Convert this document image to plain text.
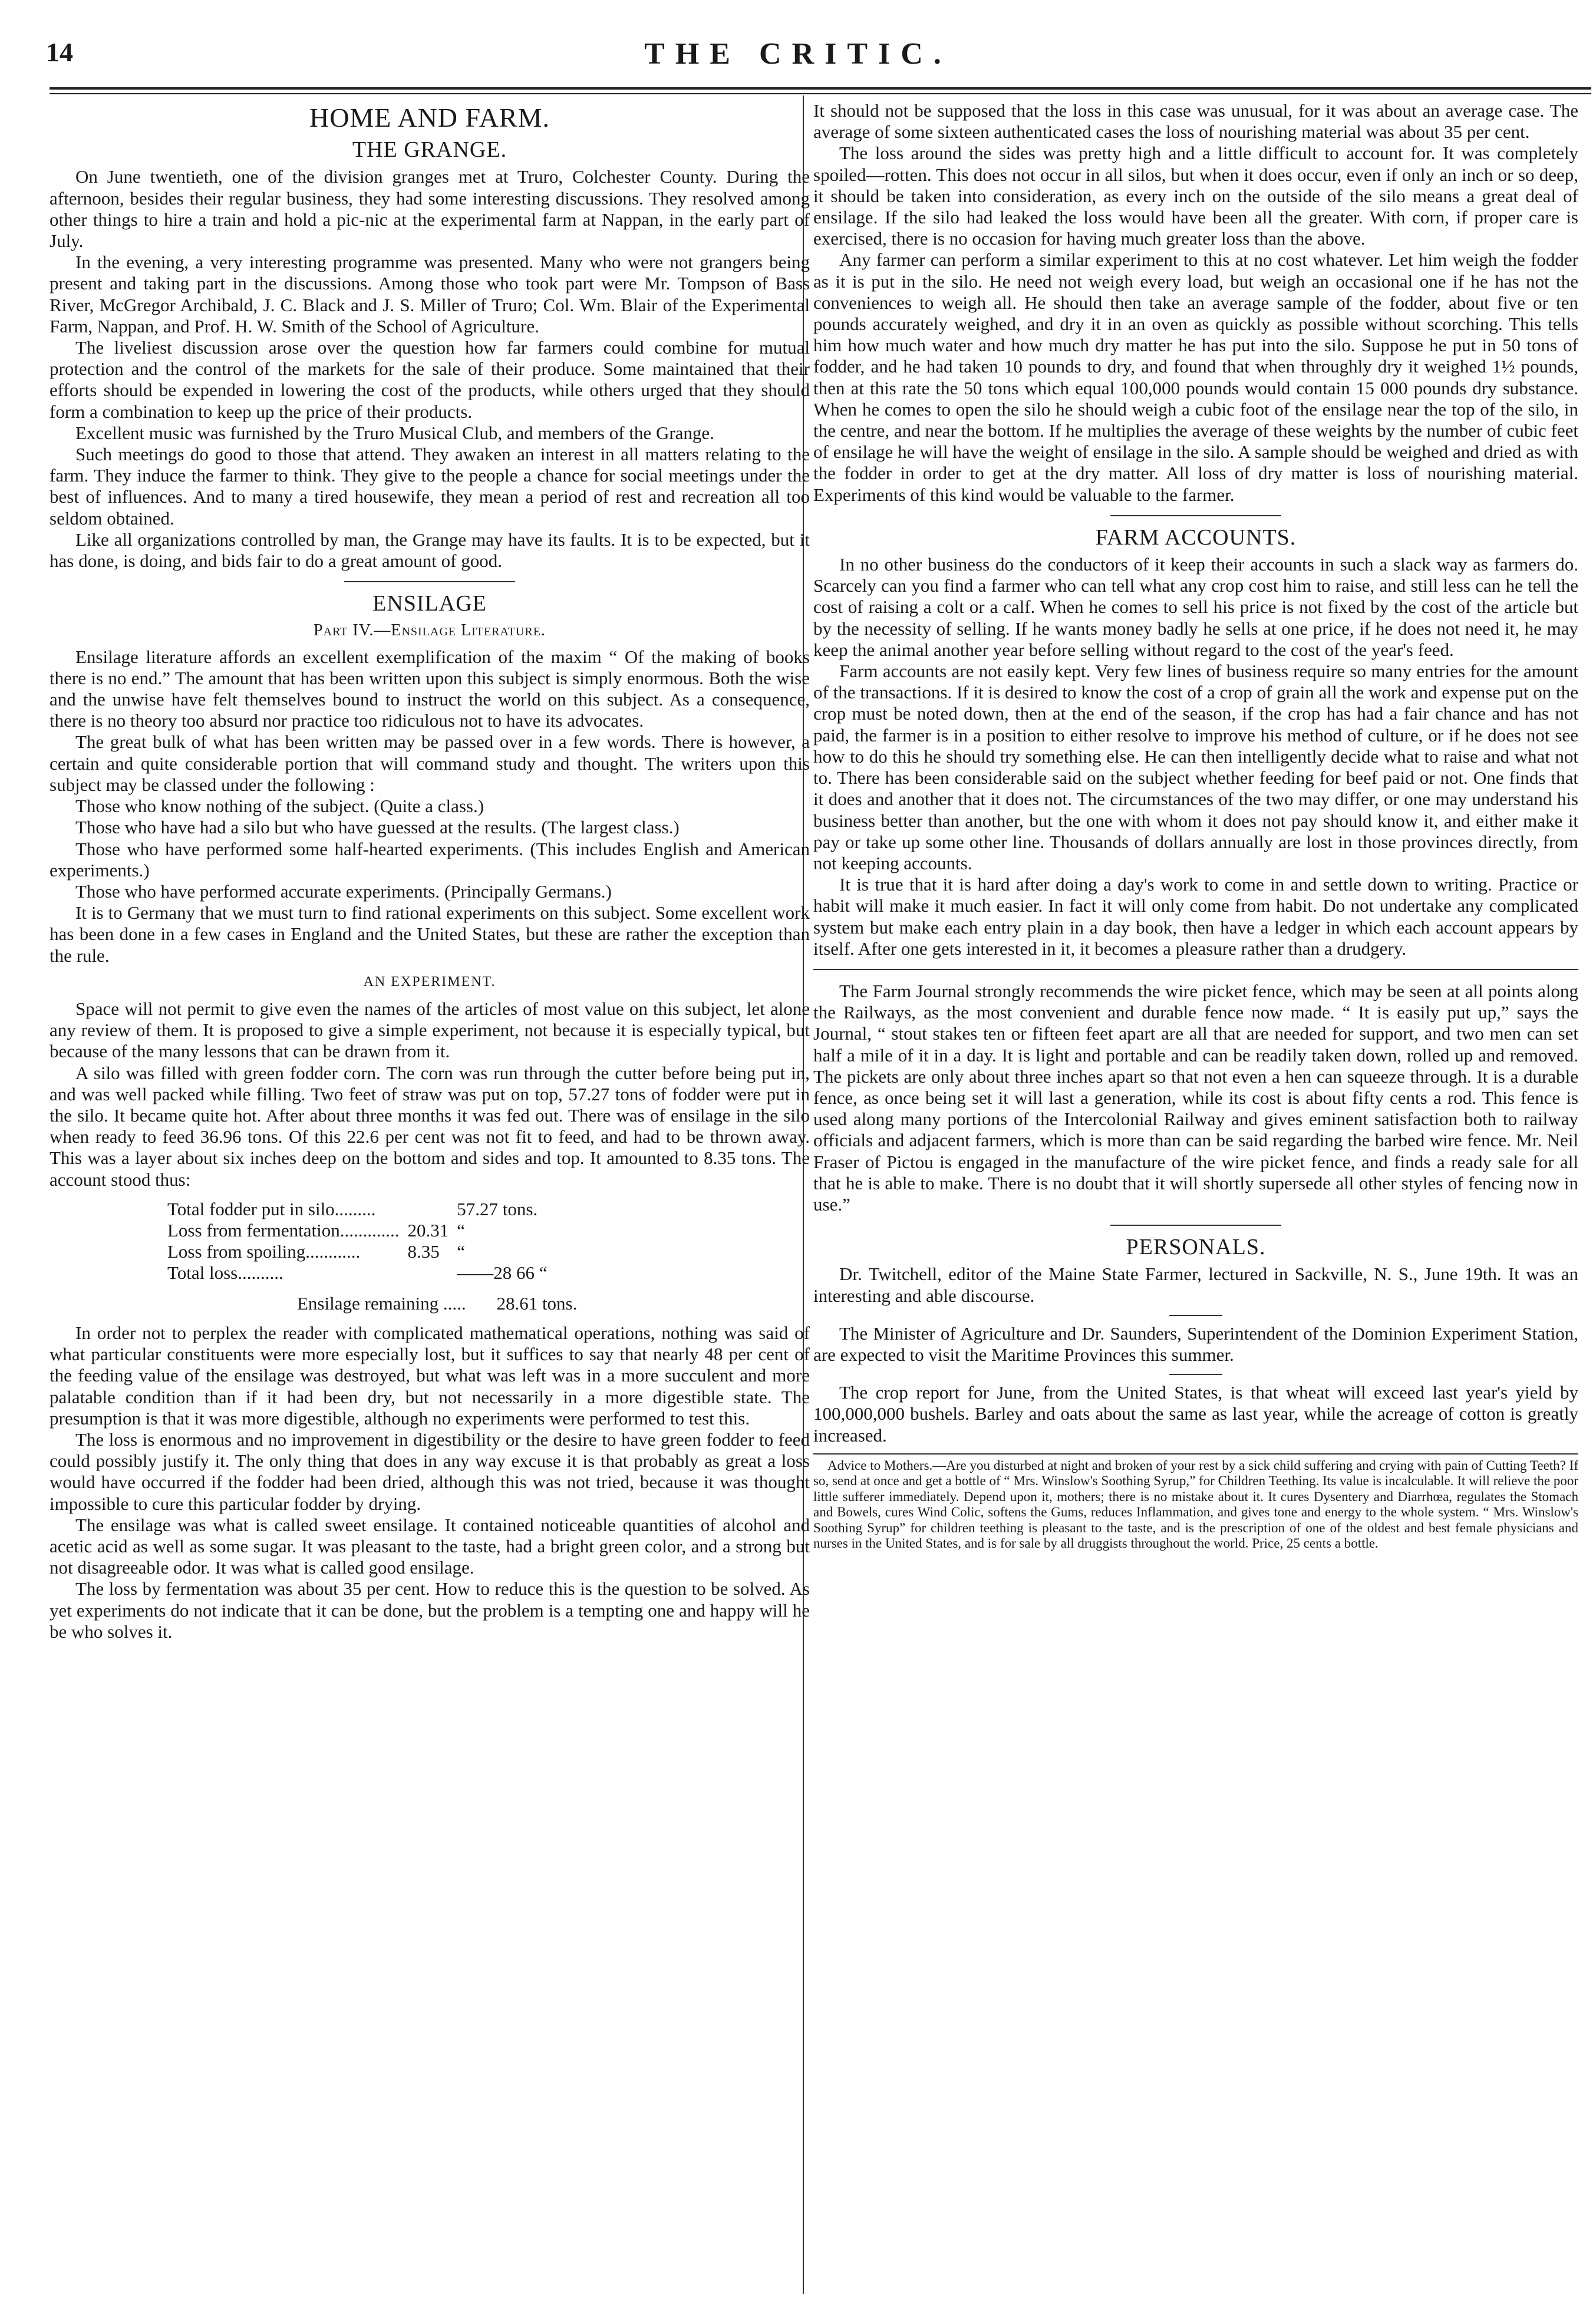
14	THE CRITIC.
HOME AND FARM.
THE GRANGE.

On June twentieth, one of the division granges met at Truro, Colchester County. During the afternoon, besides their regular business, they had some interesting discussions. They resolved among other things to hire a train and hold a pic-nic at the experimental farm at Nappan, in the early part of July.

In the evening, a very interesting programme was presented. Many who were not grangers being present and taking part in the discussions. Among those who took part were Mr. Tompson of Bass River, McGregor Archibald, J. C. Black and J. S. Miller of Truro; Col. Wm. Blair of the Experimental Farm, Nappan, and Prof. H. W. Smith of the School of Agriculture.

The liveliest discussion arose over the question how far farmers could combine for mutual protection and the control of the markets for the sale of their produce. Some maintained that their efforts should be expended in lowering the cost of the products, while others urged that they should form a combination to keep up the price of their products.

Excellent music was furnished by the Truro Musical Club, and members of the Grange.

Such meetings do good to those that attend. They awaken an interest in all matters relating to the farm. They induce the farmer to think. They give to the people a chance for social meetings under the best of influences. And to many a tired housewife, they mean a period of rest and recreation all too seldom obtained.

Like all organizations controlled by man, the Grange may have its faults. It is to be expected, but it has done, is doing, and bids fair to do a great amount of good.

ENSILAGE
Part IV.—Ensilage Literature.

Ensilage literature affords an excellent exemplification of the maxim “ Of the making of books there is no end.” The amount that has been written upon this subject is simply enormous. Both the wise and the unwise have felt themselves bound to instruct the world on this subject. As a consequence, there is no theory too absurd nor practice too ridiculous not to have its advocates.

The great bulk of what has been written may be passed over in a few words. There is however, a certain and quite considerable portion that will command study and thought. The writers upon this subject may be classed under the following :

Those who know nothing of the subject. (Quite a class.)

Those who have had a silo but who have guessed at the results. (The largest class.)

Those who have performed some half-hearted experiments. (This includes English and American experiments.)

Those who have performed accurate experiments. (Principally Germans.)

It is to Germany that we must turn to find rational experiments on this subject. Some excellent work has been done in a few cases in England and the United States, but these are rather the exception than the rule.

AN EXPERIMENT.

Space will not permit to give even the names of the articles of most value on this subject, let alone any review of them. It is proposed to give a simple experiment, not because it is especially typical, but because of the many lessons that can be drawn from it.

A silo was filled with green fodder corn. The corn was run through the cutter before being put in, and was well packed while filling. Two feet of straw was put on top, 57.27 tons of fodder were put in the silo. It became quite hot. After about three months it was fed out. There was of ensilage in the silo when ready to feed 36.96 tons. Of this 22.6 per cent was not fit to feed, and had to be thrown away. This was a layer about six inches deep on the bottom and sides and top. It amounted to 8.35 tons. The account stood thus:

Total fodder put in silo.........		57.27 tons.
Loss from fermentation.............	20.31	“
Loss from spoiling............	8.35	“
Total loss..........		——28 66 “
Ensilage remaining ..... 28.61 tons.

In order not to perplex the reader with complicated mathematical operations, nothing was said of what particular constituents were more especially lost, but it suffices to say that nearly 48 per cent of the feeding value of the ensilage was destroyed, but what was left was in a more succulent and more palatable condition than if it had been dry, but not necessarily in a more digestible state. The presumption is that it was more digestible, although no experiments were performed to test this.

The loss is enormous and no improvement in digestibility or the desire to have green fodder to feed could possibly justify it. The only thing that does in any way excuse it is that probably as great a loss would have occurred if the fodder had been dried, although this was not tried, because it was thought impossible to cure this particular fodder by drying.

The ensilage was what is called sweet ensilage. It contained noticeable quantities of alcohol and acetic acid as well as some sugar. It was pleasant to the taste, had a bright green color, and a strong but not disagreeable odor. It was what is called good ensilage.

The loss by fermentation was about 35 per cent. How to reduce this is the question to be solved. As yet experiments do not indicate that it can be done, but the problem is a tempting one and happy will he be who solves it.

It should not be supposed that the loss in this case was unusual, for it was about an average case. The average of some sixteen authenticated cases the loss of nourishing material was about 35 per cent.

The loss around the sides was pretty high and a little difficult to account for. It was completely spoiled—rotten. This does not occur in all silos, but when it does occur, even if only an inch or so deep, it should be taken into consideration, as every inch on the outside of the silo means a great deal of ensilage. If the silo had leaked the loss would have been all the greater. With corn, if proper care is exercised, there is no occasion for having much greater loss than the above.

Any farmer can perform a similar experiment to this at no cost whatever. Let him weigh the fodder as it is put in the silo. He need not weigh every load, but weigh an occasional one if he has not the conveniences to weigh all. He should then take an average sample of the fodder, about five or ten pounds accurately weighed, and dry it in an oven as quickly as possible without scorching. This tells him how much water and how much dry matter he has put into the silo. Suppose he put in 50 tons of fodder, and he had taken 10 pounds to dry, and found that when throughly dry it weighed 1½ pounds, then at this rate the 50 tons which equal 100,000 pounds would contain 15 000 pounds dry substance. When he comes to open the silo he should weigh a cubic foot of the ensilage near the top of the silo, in the centre, and near the bottom. If he multiplies the average of these weights by the number of cubic feet of ensilage he will have the weight of ensilage in the silo. A sample should be weighed and dried as with the fodder in order to get at the dry matter. All loss of dry matter is loss of nourishing material. Experiments of this kind would be valuable to the farmer.

FARM ACCOUNTS.

In no other business do the conductors of it keep their accounts in such a slack way as farmers do. Scarcely can you find a farmer who can tell what any crop cost him to raise, and still less can he tell the cost of raising a colt or a calf. When he comes to sell his price is not fixed by the cost of the article but by the necessity of selling. If he wants money badly he sells at one price, if he does not need it, he may keep the animal another year before selling without regard to the cost of the year's feed.

Farm accounts are not easily kept. Very few lines of business require so many entries for the amount of the transactions. If it is desired to know the cost of a crop of grain all the work and expense put on the crop must be noted down, then at the end of the season, if the crop has had a fair chance and has not paid, the farmer is in a position to either resolve to improve his method of culture, or if he does not see how to do this he should try something else. He can then intelligently decide what to raise and what not to. There has been considerable said on the subject whether feeding for beef paid or not. One finds that it does and another that it does not. The circumstances of the two may differ, or one may understand his business better than another, but the one with whom it does not pay should know it, and either make it pay or take up some other line. Thousands of dollars annually are lost in those provinces directly, from not keeping accounts.

It is true that it is hard after doing a day's work to come in and settle down to writing. Practice or habit will make it much easier. In fact it will only come from habit. Do not undertake any complicated system but make each entry plain in a day book, then have a ledger in which each account appears by itself. After one gets interested in it, it becomes a pleasure rather than a drudgery.

The Farm Journal strongly recommends the wire picket fence, which may be seen at all points along the Railways, as the most convenient and durable fence now made. “ It is easily put up,” says the Journal, “ stout stakes ten or fifteen feet apart are all that are needed for support, and two men can set half a mile of it in a day. It is light and portable and can be readily taken down, rolled up and removed. The pickets are only about three inches apart so that not even a hen can squeeze through. It is a durable fence, as once being set it will last a generation, while its cost is about fifty cents a rod. This fence is used along many portions of the Intercolonial Railway and gives eminent satisfaction both to railway officials and adjacent farmers, which is more than can be said regarding the barbed wire fence. Mr. Neil Fraser of Pictou is engaged in the manufacture of the wire picket fence, and finds a ready sale for all that he is able to make. There is no doubt that it will shortly supersede all other styles of fencing now in use.”

PERSONALS.

Dr. Twitchell, editor of the Maine State Farmer, lectured in Sackville, N. S., June 19th. It was an interesting and able discourse.

The Minister of Agriculture and Dr. Saunders, Superintendent of the Dominion Experiment Station, are expected to visit the Maritime Provinces this summer.

The crop report for June, from the United States, is that wheat will exceed last year's yield by 100,000,000 bushels. Barley and oats about the same as last year, while the acreage of cotton is greatly increased.

Advice to Mothers.—Are you disturbed at night and broken of your rest by a sick child suffering and crying with pain of Cutting Teeth? If so, send at once and get a bottle of “ Mrs. Winslow's Soothing Syrup,” for Children Teething. Its value is incalculable. It will relieve the poor little sufferer immediately. Depend upon it, mothers; there is no mistake about it. It cures Dysentery and Diarrhœa, regulates the Stomach and Bowels, cures Wind Colic, softens the Gums, reduces Inflammation, and gives tone and energy to the whole system. “ Mrs. Winslow's Soothing Syrup” for children teething is pleasant to the taste, and is the prescription of one of the oldest and best female physicians and nurses in the United States, and is for sale by all druggists throughout the world. Price, 25 cents a bottle.
